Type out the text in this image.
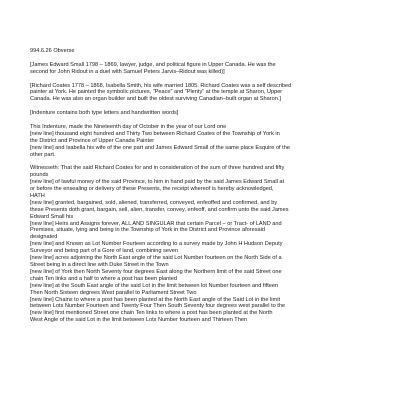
994.6.26 Obverse
[James Edward Small 1798 – 1869, lawyer, judge, and political figure in Upper Canada. He was the
second for John Ridout in a duel with Samuel Peters Jarvis–Ridout was killed)]
[Richard Coates 1778 – 1868, Isabella Smith, his wife married 1805. Richard Coates was a self described
painter at York. He painted the symbolic pictures, “Peace” and “Plenty” at the temple at Sharon, Upper
Canada. He was also an organ builder and built the oldest surviving Canadian–built organ at Sharon.]
[Indenture contains both type letters and handwritten words]
This Indenture, made the Nineteenth day of October in the year of our Lord one
[new line] thousand eight hundred and Thirty Two between Richard Coates of the Township of York in
the District and Province of Upper Canada Painter
[new line] and Isabella his wife of the one part and James Edward Small of the same place Esquire of the
other part.
Witnesseth: That the said Richard Coates for and in consideration of the sum of three hundred and fifty
pounds
[new line] of lawful money of the said Province, to him in hand paid by the said James Edward Small at
or before the ensealing or delivery of these Presents, the receipt whereof is hereby acknowledged,
HATH
[new line] granted, bargained, sold, aliened, transferred, conveyed, enfeoffed and confirmed, and by
these Presents doth grant, bargain, sell, alien, transfer, convey, enfeoff, and confirm unto the said James
Edward Small his
[new line] Heirs and Assigns forever, ALL AND SINGULAR that certain Parcel – or Tract- of LAND and
Premises, situate, lying and being in the Township of York in the District and Province aforesaid
designated
[new line] and Known as Lot Number Fourteen according to a survey made by John H Hudson Deputy
Surveyor and being part of a Gore of land, combining seven
[new line] acres adjoining the North East angle of the said Lot Number fourteen on the North Side of a
Street being in a direct line with Duke Street in the Town
[new line] of York then North Seventy four degrees East along the Northern limit of the said Street one
chain Ten links and a half to where a post has been planted
[new line] at the South East angle of the said Lot in the limit between lot Number fourteen and fifteen
Then North Sixteen degrees West parallel to Parliament Street Two
[new line] Chains to where a post has been planted at the North East angle of the Said Lot in the limit
between Lots Number Fourteen and Twenty Four Then South Seventy four degrees west parallel to the
[new line] first mentioned Street one chain Ten links to where a post has been planted at the North
West Angle of the said Lot in the limit between Lots Number fourteen and Thirteen Then
